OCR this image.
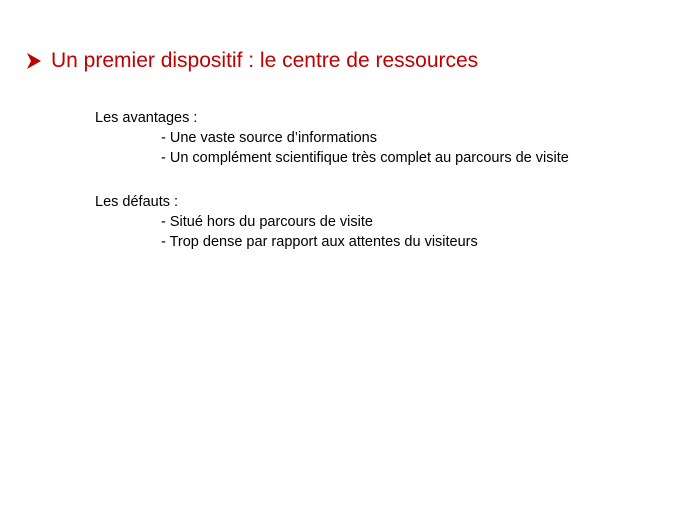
Un premier dispositif : le centre de ressources

Les avantages :

- Une vaste source d’informations

- Un complément scientifique très complet au parcours de visite

Les défauts :

- Situé hors du parcours de visite

- Trop dense par rapport aux attentes du visiteurs
